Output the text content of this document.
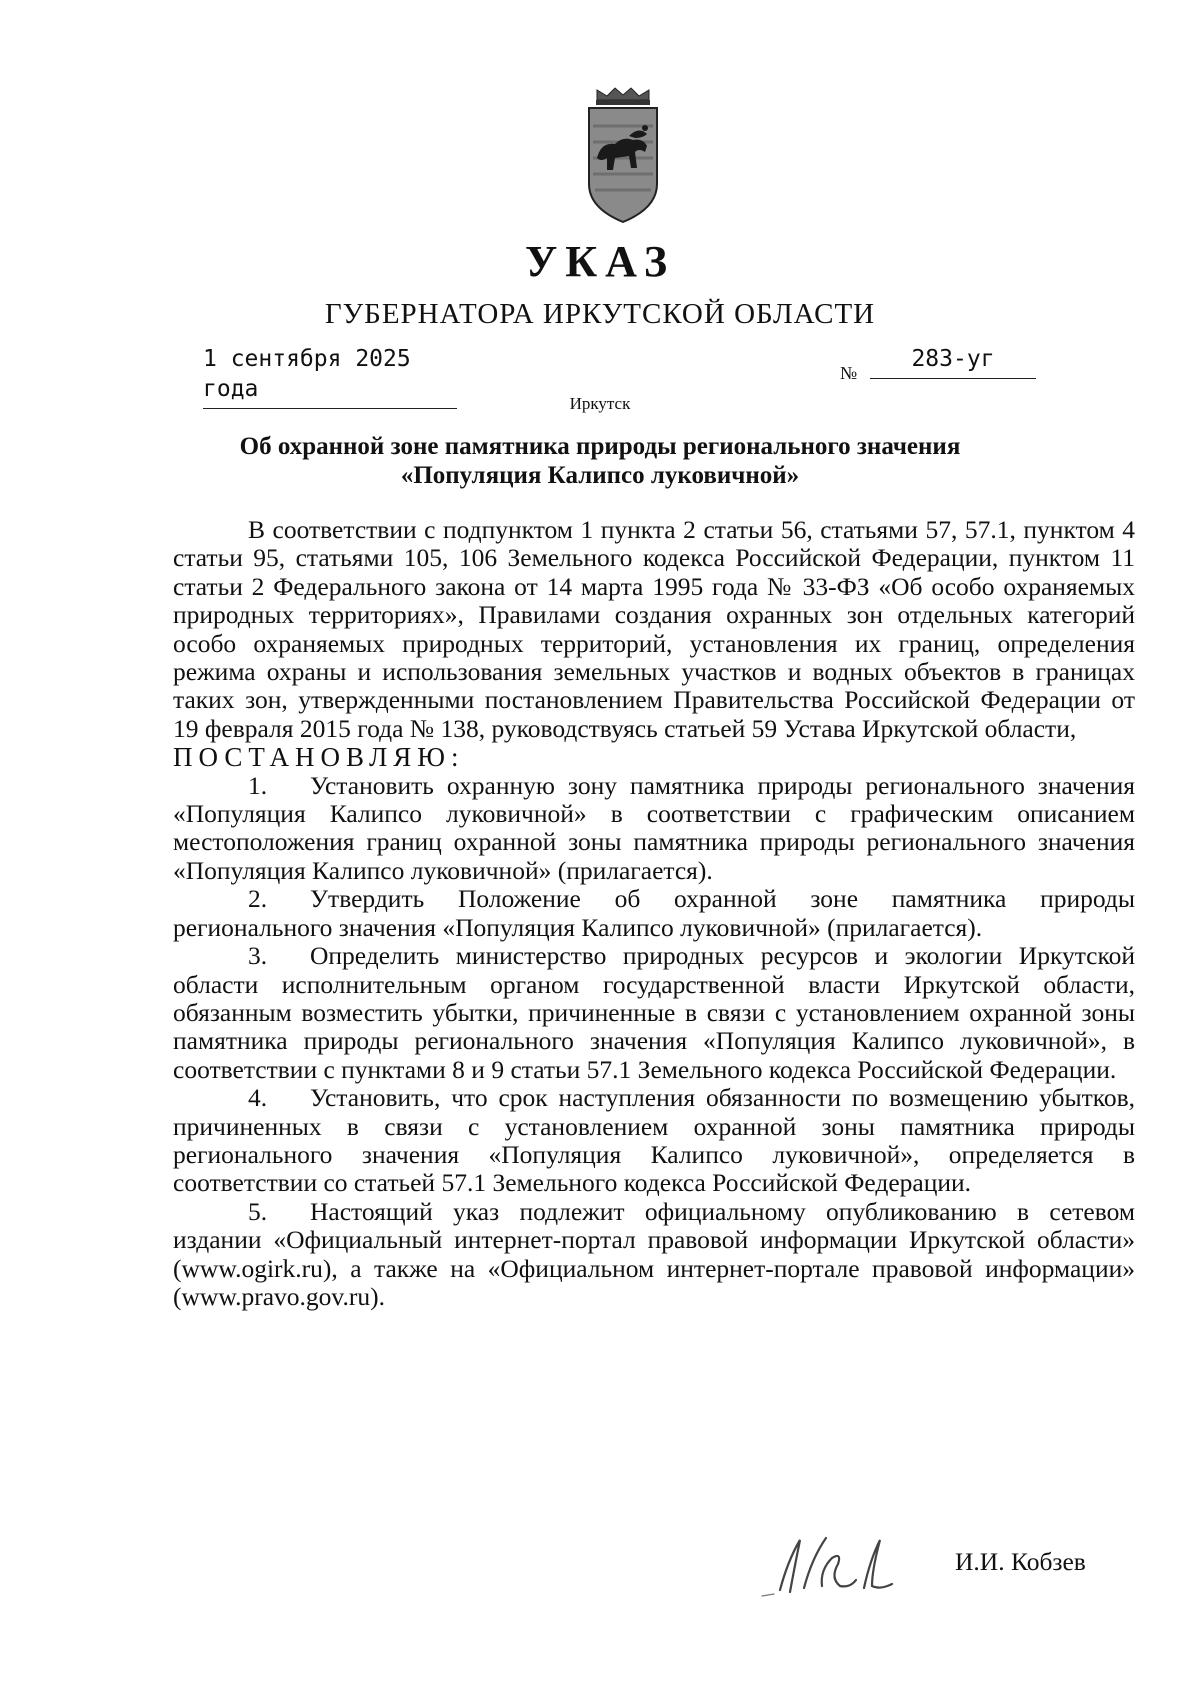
УКАЗ
ГУБЕРНАТОРА ИРКУТСКОЙ ОБЛАСТИ
1 сентября 2025 года
№
283-уг
Иркутск
Об охранной зоне памятника природы регионального значения
«Популяция Калипсо луковичной»

В соответствии с подпунктом 1 пункта 2 статьи 56, статьями 57, 57.1, пунктом 4 статьи 95, статьями 105, 106 Земельного кодекса Российской Федерации, пунктом 11 статьи 2 Федерального закона от 14 марта 1995 года № 33-ФЗ «Об особо охраняемых природных территориях», Правилами создания охранных зон отдельных категорий особо охраняемых природных территорий, установления их границ, определения режима охраны и использования земельных участков и водных объектов в границах таких зон, утвержденными постановлением Правительства Российской Федерации от 19 февраля 2015 года № 138, руководствуясь статьей 59 Устава Иркутской области,

ПОСТАНОВЛЯЮ:

1. Установить охранную зону памятника природы регионального значения «Популяция Калипсо луковичной» в соответствии с графическим описанием местоположения границ охранной зоны памятника природы регионального значения «Популяция Калипсо луковичной» (прилагается).

2. Утвердить Положение об охранной зоне памятника природы регионального значения «Популяция Калипсо луковичной» (прилагается).

3. Определить министерство природных ресурсов и экологии Иркутской области исполнительным органом государственной власти Иркутской области, обязанным возместить убытки, причиненные в связи с установлением охранной зоны памятника природы регионального значения «Популяция Калипсо луковичной», в соответствии с пунктами 8 и 9 статьи 57.1 Земельного кодекса Российской Федерации.

4. Установить, что срок наступления обязанности по возмещению убытков, причиненных в связи с установлением охранной зоны памятника природы регионального значения «Популяция Калипсо луковичной», определяется в соответствии со статьей 57.1 Земельного кодекса Российской Федерации.

5. Настоящий указ подлежит официальному опубликованию в сетевом издании «Официальный интернет-портал правовой информации Иркутской области» (www.ogirk.ru), а также на «Официальном интернет-портале правовой информации» (www.pravo.gov.ru).

И.И. Кобзев
